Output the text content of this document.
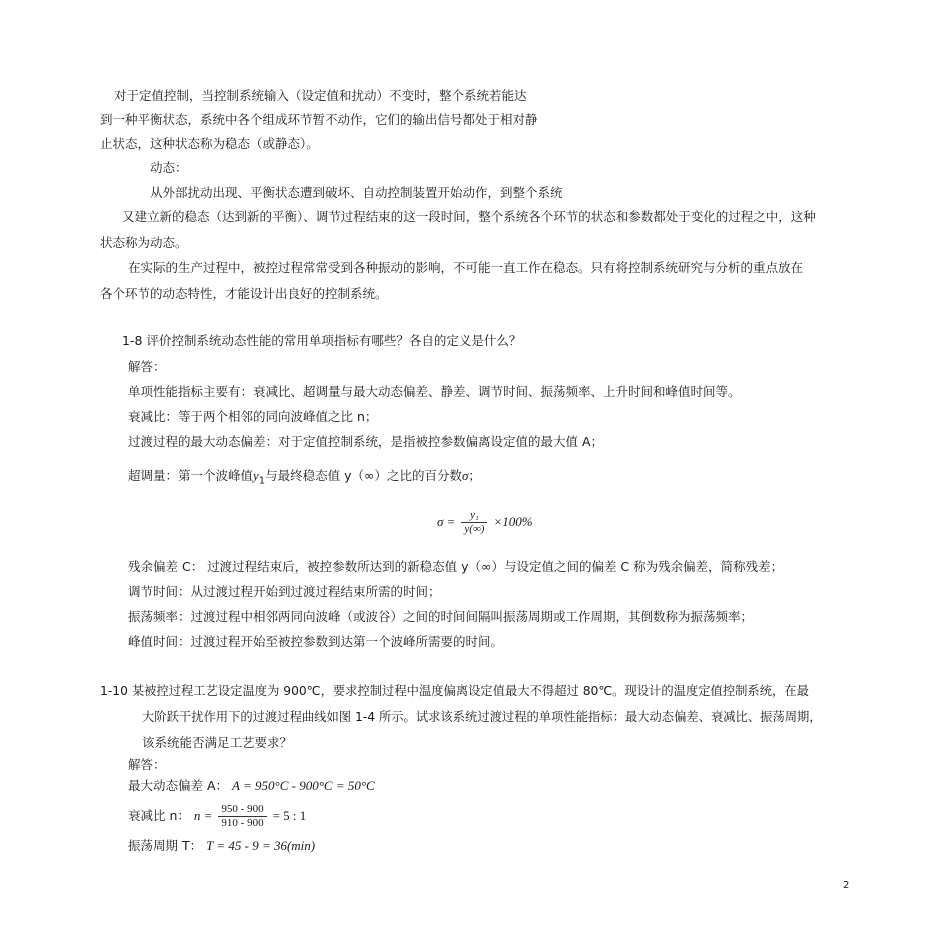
对于定值控制，当控制系统输入（设定值和扰动）不变时，整个系统若能达
到一种平衡状态，系统中各个组成环节暂不动作，它们的输出信号都处于相对静
止状态，这种状态称为稳态（或静态）。
动态：
从外部扰动出现、平衡状态遭到破坏、自动控制装置开始动作，到整个系统
又建立新的稳态（达到新的平衡）、调节过程结束的这一段时间，整个系统各个环节的状态和参数都处于变化的过程之中，这种
状态称为动态。
在实际的生产过程中，被控过程常常受到各种振动的影响，不可能一直工作在稳态。只有将控制系统研究与分析的重点放在
各个环节的动态特性，才能设计出良好的控制系统。
1-8 评价控制系统动态性能的常用单项指标有哪些？各自的定义是什么？
解答：
单项性能指标主要有：衰减比、超调量与最大动态偏差、静差、调节时间、振荡频率、上升时间和峰值时间等。
衰减比：等于两个相邻的同向波峰值之比 n；
过渡过程的最大动态偏差：对于定值控制系统，是指被控参数偏离设定值的最大值 A；
超调量：第一个波峰值$y_1$与最终稳态值 y（∞）之比的百分数σ；
$\sigma = \frac{\text{y₁}}{y(\infty)} \times 100\%$
残余偏差 C： 过渡过程结束后，被控参数所达到的新稳态值 y（∞）与设定值之间的偏差 C 称为残余偏差，简称残差；
调节时间：从过渡过程开始到过渡过程结束所需的时间；
振荡频率：过渡过程中相邻两同向波峰（或波谷）之间的时间间隔叫振荡周期或工作周期，其倒数称为振荡频率；
峰值时间：过渡过程开始至被控参数到达第一个波峰所需要的时间。
1-10 某被控过程工艺设定温度为 900℃，要求控制过程中温度偏离设定值最大不得超过 80℃。现设计的温度定值控制系统，在最
大阶跃干扰作用下的过渡过程曲线如图 1-4 所示。试求该系统过渡过程的单项性能指标：最大动态偏差、衰减比、振荡周期，
该系统能否满足工艺要求？
解答：
最大动态偏差 A： A = 950°C - 900°C = 50°C
衰减比 n： $n = \frac{950 - 900}{910 - 900} = 5$ : 1
振荡周期 T： T = 45 - 9 = 36(min)
2
